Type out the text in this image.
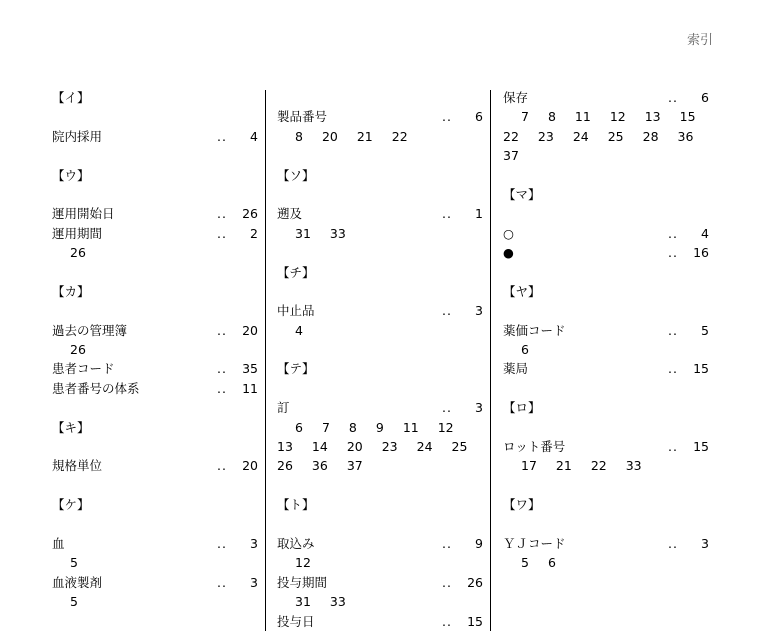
索引
【イ】
院内採用	.. 4
【ウ】
運用開始日	.. 26
運用期間	.. 2
26
【カ】
過去の管理簿	.. 20
26
患者コード	.. 35
患者番号の体系	.. 11
【キ】
規格単位	.. 20
【ケ】
血	.. 3
5
血液製剤	.. 3
5
製品番号	.. 6
8 20 21 22
【ソ】
遡及	.. 1
31 33
【チ】
中止品	.. 3
4
【テ】
訂	.. 3
6 7 8 9 11 12
13 14 20 23 24 25
26 36 37
【ト】
取込み	.. 9
12
投与期間	.. 26
31 33
投与日	.. 15
保存	.. 6
7 8 11 12 13 15
22 23 24 25 28 36
37
【マ】
○	.. 4
●	.. 16
【ヤ】
薬価コード	.. 5
6
薬局	.. 15
【ロ】
ロット番号	.. 15
17 21 22 33
【ワ】
ＹＪコード	.. 3
5 6
